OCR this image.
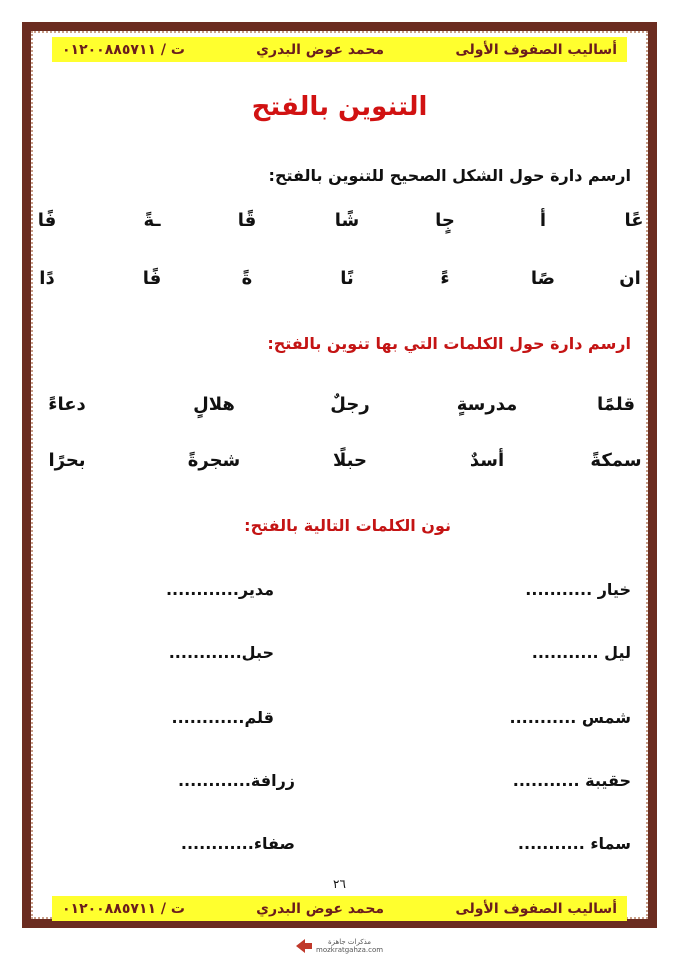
أساليب الصفوف الأولى
محمد عوض البدري
ت / ٠١٢٠٠٨٨٥٧١١
التنوين بالفتح
ارسم دارة حول الشكل الصحيح للتنوين بالفتح:
عًا
أ
جٍا
شًا
قًا
ـةً
فًا
ان
صًا
ءً
نًا
ةً
فًا
دًا
ارسم دارة حول الكلمات التي بها تنوين بالفتح:
قلمًا
مدرسةٍ
رجلٌ
هلالٍ
دعاءً
سمكةً
أسدٌ
حبلًا
شجرةً
بحرًا
نون الكلمات التالية بالفتح:
خيار ...........
ليل ...........
شمس ...........
حقيبة ...........
سماء ...........
مدير............
حبل............
قلم............
زرافة............
صفاء............
٢٦
أساليب الصفوف الأولى
محمد عوض البدري
ت / ٠١٢٠٠٨٨٥٧١١
مذكرات جاهزة
mozkratgahza.com
